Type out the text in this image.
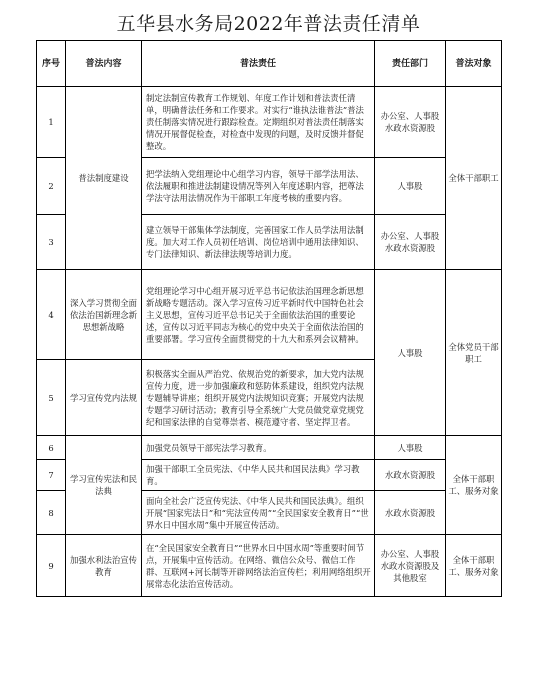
五华县水务局2022年普法责任清单
序号	普法内容	普法责任	责任部门	普法对象
1	普法制度建设	制定法制宣传教育工作规划、年度工作计划和普法责任清单，明确普法任务和工作要求。对实行“谁执法谁普法”普法责任制落实情况进行跟踪检查。定期组织对普法责任制落实情况开展督促检查，对检查中发现的问题，及时反馈并督促整改。	办公室、人事股水政水资源股	全体干部职工
2		把学法纳入党组理论中心组学习内容，领导干部学法用法、依法履职和推进法制建设情况等列入年度述职内容，把尊法学法守法用法情况作为干部职工年度考核的重要内容。	人事股	
3		建立领导干部集体学法制度，完善国家工作人员学法用法制度。加大对工作人员初任培训、岗位培训中通用法律知识、专门法律知识、新法律法规等培训力度。	办公室、人事股水政水资源股	
4	深入学习贯彻全面依法治国新理念新思想新战略	党组理论学习中心组开展习近平总书记依法治国理念新思想新战略专题活动。深入学习宣传习近平新时代中国特色社会主义思想，宣传习近平总书记关于全面依法治国的重要论述，宣传以习近平同志为核心的党中央关于全面依法治国的重要部署。学习宣传全面贯彻党的十九大和系列会议精神。	人事股	全体党员干部职工
5	学习宣传党内法规	积极落实全面从严治党、依规治党的新要求，加大党内法规宣传力度，进一步加强廉政和惩防体系建设，组织党内法规专题辅导讲座；组织开展党内法规知识竞赛；开展党内法规专题学习研讨活动；教育引导全系统广大党员做党章党规党纪和国家法律的自觉尊崇者、模范遵守者、坚定捍卫者。		
6	学习宣传宪法和民法典	加强党员领导干部宪法学习教育。	人事股	全体干部职工、服务对象
7		加强干部职工全员宪法、《中华人民共和国民法典》学习教育。	水政水资源股	
8		面向全社会广泛宣传宪法、《中华人民共和国民法典》。组织开展“国家宪法日”和“宪法宣传周”“全民国家安全教育日”“世界水日中国水周”集中开展宣传活动。	水政水资源股	
9	加强水利法治宣传教育	在“全民国家安全教育日”“世界水日中国水周”等重要时间节点，开展集中宣传活动。在网络、微信公众号、微信工作群、互联网+河长制等开辟网络法治宣传栏；利用网络组织开展常态化法治宣传活动。	办公室、人事股水政水资源股及其他股室	全体干部职工、服务对象
